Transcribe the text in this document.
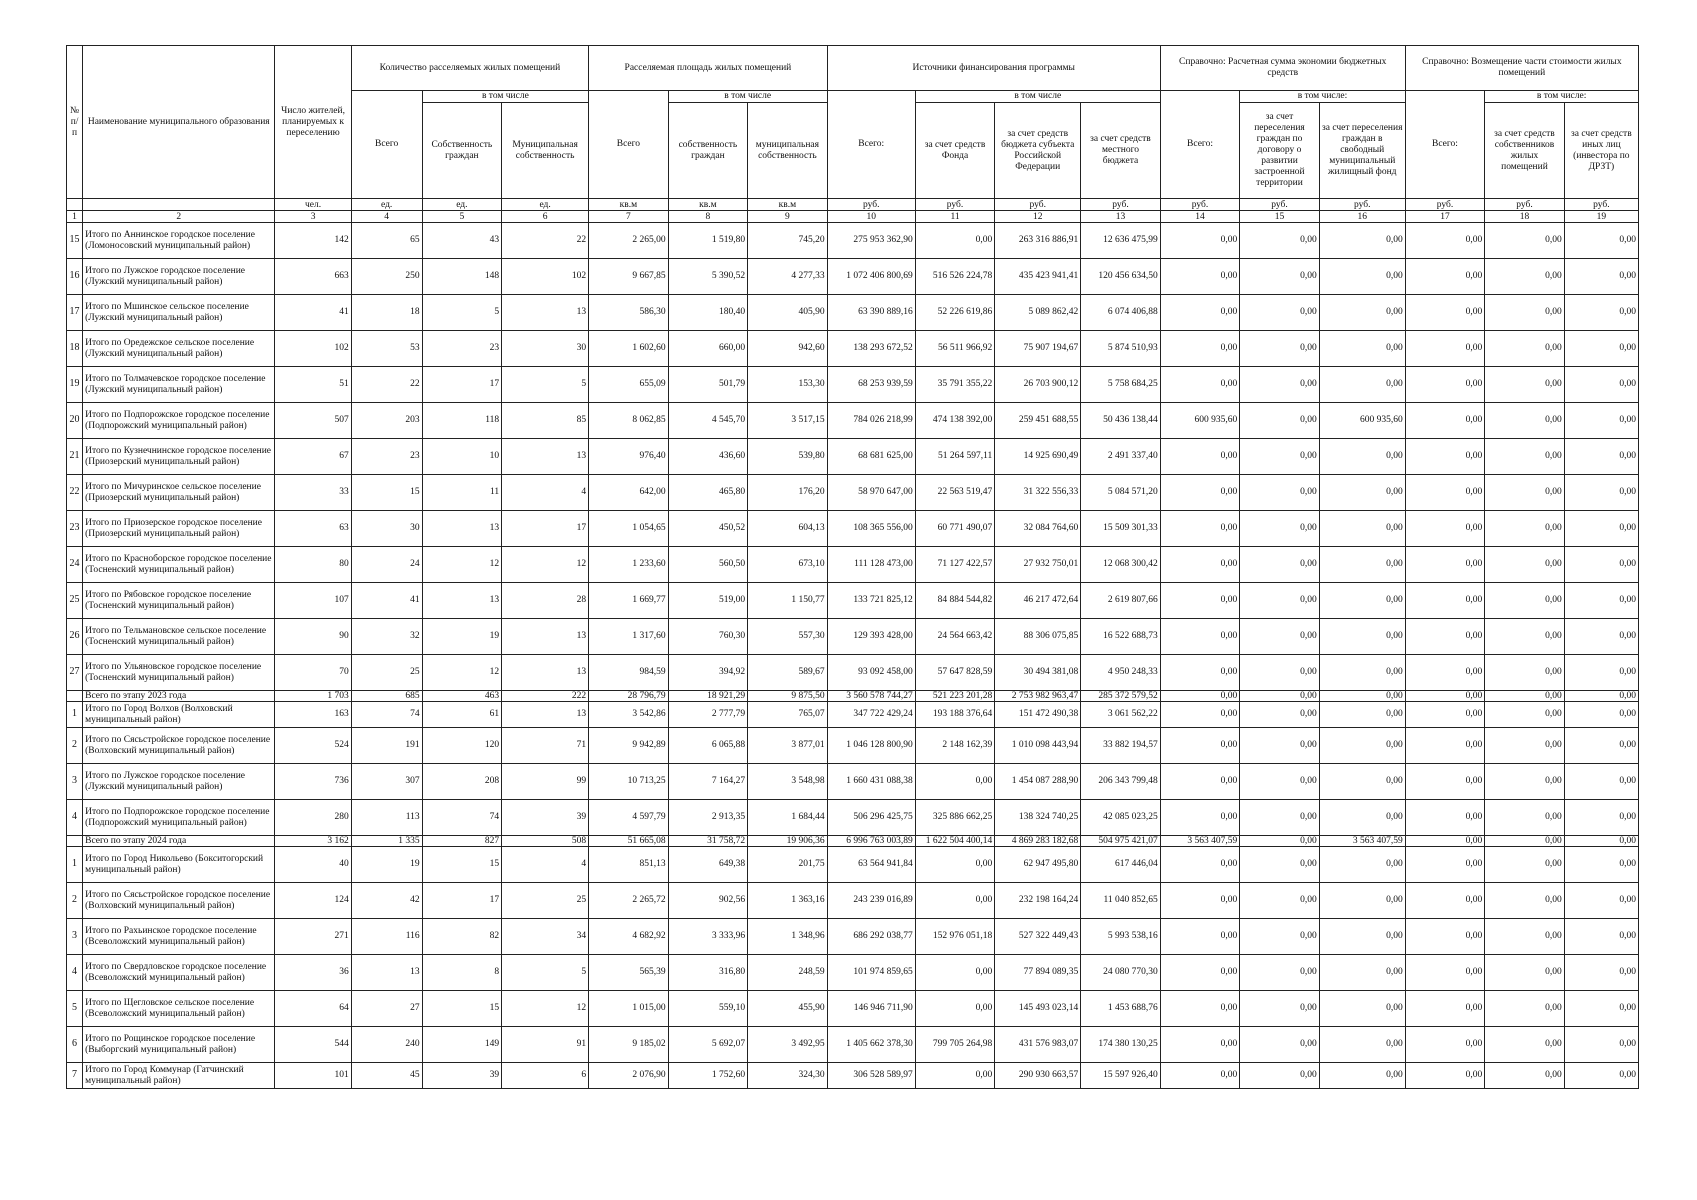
№ п/ п	Наименование муниципального образования	Число жителей, планируемых к переселению	Количество расселяемых жилых помещений			Расселяемая площадь жилых помещений			Источники финансирования программы				Справочно: Расчетная сумма экономии бюджетных средств			Справочно: Возмещение части стоимости жилых помещений		
			Всего	в том числе		Всего	в том числе		Всего:	в том числе			Всего:	в том числе:		Всего:	в том числе:	
				Собственность граждан	Муниципальная собственность		собственность граждан	муниципальная собственность		за счет средств Фонда	за счет средств бюджета субъекта Российской Федерации	за счет средств местного бюджета		за счет переселения граждан по договору о развитии застроенной территории	за счет переселения граждан в свободный муниципальный жилищный фонд		за счет средств собственников жилых помещений	за счет средств иных лиц (инвестора по ДРЗТ)
		чел.	ед.	ед.	ед.	кв.м	кв.м	кв.м	руб.	руб.	руб.	руб.	руб.	руб.	руб.	руб.	руб.	руб.
1	2	3	4	5	6	7	8	9	10	11	12	13	14	15	16	17	18	19
15	Итого по Аннинское городское поселение (Ломоносовский муниципальный район)	142	65	43	22	2 265,00	1 519,80	745,20	275 953 362,90	0,00	263 316 886,91	12 636 475,99	0,00	0,00	0,00	0,00	0,00	0,00
16	Итого по Лужское городское поселение (Лужский муниципальный район)	663	250	148	102	9 667,85	5 390,52	4 277,33	1 072 406 800,69	516 526 224,78	435 423 941,41	120 456 634,50	0,00	0,00	0,00	0,00	0,00	0,00
17	Итого по Мшинское сельское поселение (Лужский муниципальный район)	41	18	5	13	586,30	180,40	405,90	63 390 889,16	52 226 619,86	5 089 862,42	6 074 406,88	0,00	0,00	0,00	0,00	0,00	0,00
18	Итого по Оредежское сельское поселение (Лужский муниципальный район)	102	53	23	30	1 602,60	660,00	942,60	138 293 672,52	56 511 966,92	75 907 194,67	5 874 510,93	0,00	0,00	0,00	0,00	0,00	0,00
19	Итого по Толмачевское городское поселение (Лужский муниципальный район)	51	22	17	5	655,09	501,79	153,30	68 253 939,59	35 791 355,22	26 703 900,12	5 758 684,25	0,00	0,00	0,00	0,00	0,00	0,00
20	Итого по Подпорожское городское поселение (Подпорожский муниципальный район)	507	203	118	85	8 062,85	4 545,70	3 517,15	784 026 218,99	474 138 392,00	259 451 688,55	50 436 138,44	600 935,60	0,00	600 935,60	0,00	0,00	0,00
21	Итого по Кузнечнинское городское поселение (Приозерский муниципальный район)	67	23	10	13	976,40	436,60	539,80	68 681 625,00	51 264 597,11	14 925 690,49	2 491 337,40	0,00	0,00	0,00	0,00	0,00	0,00
22	Итого по Мичуринское сельское поселение (Приозерский муниципальный район)	33	15	11	4	642,00	465,80	176,20	58 970 647,00	22 563 519,47	31 322 556,33	5 084 571,20	0,00	0,00	0,00	0,00	0,00	0,00
23	Итого по Приозерское городское поселение (Приозерский муниципальный район)	63	30	13	17	1 054,65	450,52	604,13	108 365 556,00	60 771 490,07	32 084 764,60	15 509 301,33	0,00	0,00	0,00	0,00	0,00	0,00
24	Итого по Красноборское городское поселение (Тосненский муниципальный район)	80	24	12	12	1 233,60	560,50	673,10	111 128 473,00	71 127 422,57	27 932 750,01	12 068 300,42	0,00	0,00	0,00	0,00	0,00	0,00
25	Итого по Рябовское городское поселение (Тосненский муниципальный район)	107	41	13	28	1 669,77	519,00	1 150,77	133 721 825,12	84 884 544,82	46 217 472,64	2 619 807,66	0,00	0,00	0,00	0,00	0,00	0,00
26	Итого по Тельмановское сельское поселение (Тосненский муниципальный район)	90	32	19	13	1 317,60	760,30	557,30	129 393 428,00	24 564 663,42	88 306 075,85	16 522 688,73	0,00	0,00	0,00	0,00	0,00	0,00
27	Итого по Ульяновское городское поселение (Тосненский муниципальный район)	70	25	12	13	984,59	394,92	589,67	93 092 458,00	57 647 828,59	30 494 381,08	4 950 248,33	0,00	0,00	0,00	0,00	0,00	0,00
	Всего по этапу 2023 года	1 703	685	463	222	28 796,79	18 921,29	9 875,50	3 560 578 744,27	521 223 201,28	2 753 982 963,47	285 372 579,52	0,00	0,00	0,00	0,00	0,00	0,00
1	Итого по Город Волхов (Волховский муниципальный район)	163	74	61	13	3 542,86	2 777,79	765,07	347 722 429,24	193 188 376,64	151 472 490,38	3 061 562,22	0,00	0,00	0,00	0,00	0,00	0,00
2	Итого по Сясьстройское городское поселение (Волховский муниципальный район)	524	191	120	71	9 942,89	6 065,88	3 877,01	1 046 128 800,90	2 148 162,39	1 010 098 443,94	33 882 194,57	0,00	0,00	0,00	0,00	0,00	0,00
3	Итого по Лужское городское поселение (Лужский муниципальный район)	736	307	208	99	10 713,25	7 164,27	3 548,98	1 660 431 088,38	0,00	1 454 087 288,90	206 343 799,48	0,00	0,00	0,00	0,00	0,00	0,00
4	Итого по Подпорожское городское поселение (Подпорожский муниципальный район)	280	113	74	39	4 597,79	2 913,35	1 684,44	506 296 425,75	325 886 662,25	138 324 740,25	42 085 023,25	0,00	0,00	0,00	0,00	0,00	0,00
	Всего по этапу 2024 года	3 162	1 335	827	508	51 665,08	31 758,72	19 906,36	6 996 763 003,89	1 622 504 400,14	4 869 283 182,68	504 975 421,07	3 563 407,59	0,00	3 563 407,59	0,00	0,00	0,00
1	Итого по Город Никольево (Бокситогорский муниципальный район)	40	19	15	4	851,13	649,38	201,75	63 564 941,84	0,00	62 947 495,80	617 446,04	0,00	0,00	0,00	0,00	0,00	0,00
2	Итого по Сясьстройское городское поселение (Волховский муниципальный район)	124	42	17	25	2 265,72	902,56	1 363,16	243 239 016,89	0,00	232 198 164,24	11 040 852,65	0,00	0,00	0,00	0,00	0,00	0,00
3	Итого по Рахьинское городское поселение (Всеволожский муниципальный район)	271	116	82	34	4 682,92	3 333,96	1 348,96	686 292 038,77	152 976 051,18	527 322 449,43	5 993 538,16	0,00	0,00	0,00	0,00	0,00	0,00
4	Итого по Свердловское городское поселение (Всеволожский муниципальный район)	36	13	8	5	565,39	316,80	248,59	101 974 859,65	0,00	77 894 089,35	24 080 770,30	0,00	0,00	0,00	0,00	0,00	0,00
5	Итого по Щегловское сельское поселение (Всеволожский муниципальный район)	64	27	15	12	1 015,00	559,10	455,90	146 946 711,90	0,00	145 493 023,14	1 453 688,76	0,00	0,00	0,00	0,00	0,00	0,00
6	Итого по Рощинское городское поселение (Выборгский муниципальный район)	544	240	149	91	9 185,02	5 692,07	3 492,95	1 405 662 378,30	799 705 264,98	431 576 983,07	174 380 130,25	0,00	0,00	0,00	0,00	0,00	0,00
7	Итого по Город Коммунар (Гатчинский муниципальный район)	101	45	39	6	2 076,90	1 752,60	324,30	306 528 589,97	0,00	290 930 663,57	15 597 926,40	0,00	0,00	0,00	0,00	0,00	0,00
